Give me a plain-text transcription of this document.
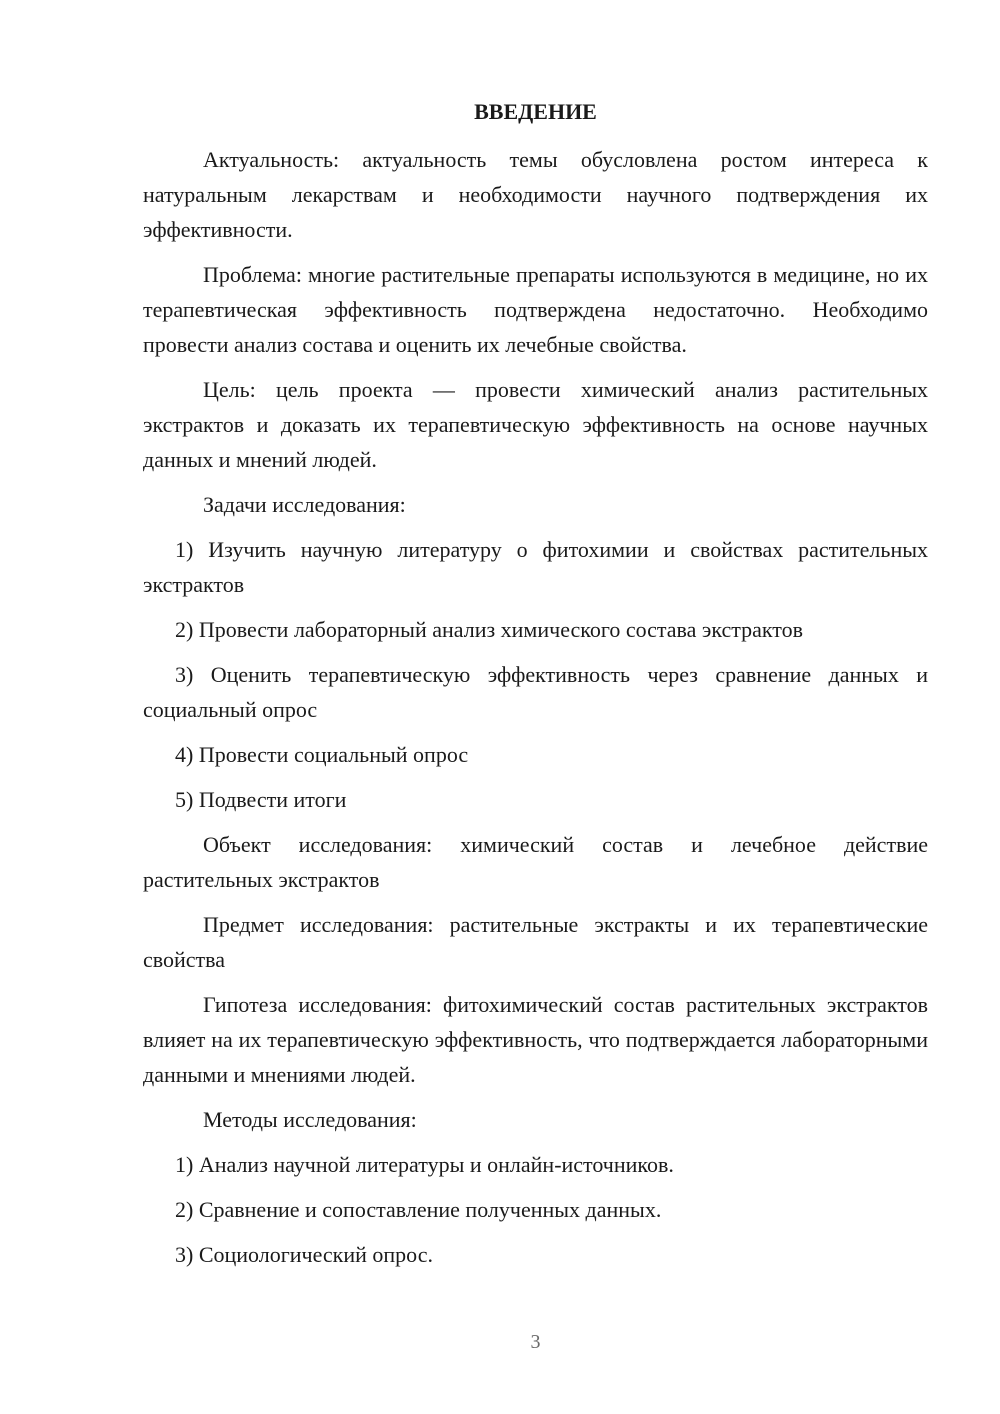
ВВЕДЕНИЕ

Актуальность: актуальность темы обусловлена ростом интереса к натуральным лекарствам и необходимости научного подтверждения их эффективности.

Проблема: многие растительные препараты используются в медицине, но их терапевтическая эффективность подтверждена недостаточно. Необходимо провести анализ состава и оценить их лечебные свойства.

Цель: цель проекта — провести химический анализ растительных экстрактов и доказать их терапевтическую эффективность на основе научных данных и мнений людей.

Задачи исследования:

1) Изучить научную литературу о фитохимии и свойствах растительных экстрактов

2) Провести лабораторный анализ химического состава экстрактов

3) Оценить терапевтическую эффективность через сравнение данных и социальный опрос

4) Провести социальный опрос

5) Подвести итоги

Объект исследования: химический состав и лечебное действие растительных экстрактов

Предмет исследования: растительные экстракты и их терапевтические свойства

Гипотеза исследования: фитохимический состав растительных экстрактов влияет на их терапевтическую эффективность, что подтверждается лабораторными данными и мнениями людей.

Методы исследования:

1) Анализ научной литературы и онлайн-источников.

2) Сравнение и сопоставление полученных данных.

3) Социологический опрос.

3
